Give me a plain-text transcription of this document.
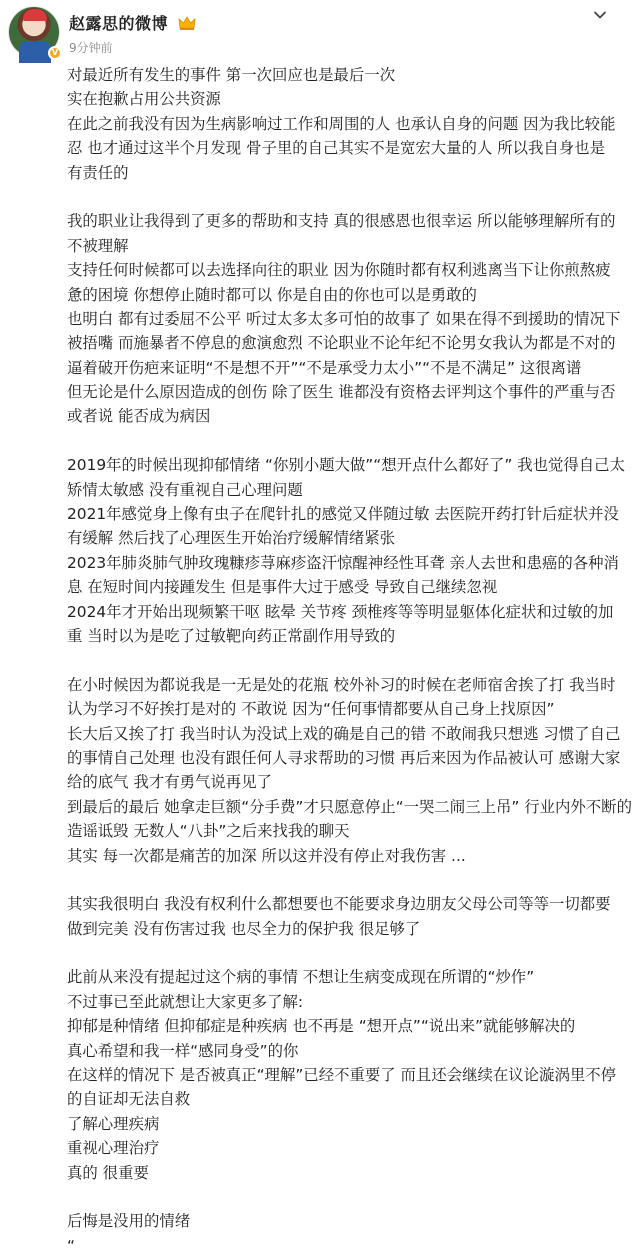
V
赵露思的微博
9分钟前
对最近所有发生的事件 第一次回应也是最后一次
实在抱歉占用公共资源
在此之前我没有因为生病影响过工作和周围的人 也承认自身的问题 因为我比较能
忍 也才通过这半个月发现 骨子里的自己其实不是宽宏大量的人 所以我自身也是
有责任的
我的职业让我得到了更多的帮助和支持 真的很感恩也很幸运 所以能够理解所有的
不被理解
支持任何时候都可以去选择向往的职业 因为你随时都有权利逃离当下让你煎熬疲
惫的困境 你想停止随时都可以 你是自由的你也可以是勇敢的
也明白 都有过委屈不公平 听过太多太多可怕的故事了 如果在得不到援助的情况下
被捂嘴 而施暴者不停息的愈演愈烈 不论职业不论年纪不论男女我认为都是不对的
逼着破开伤疤来证明“不是想不开”“不是承受力太小”“不是不满足” 这很离谱
但无论是什么原因造成的创伤 除了医生 谁都没有资格去评判这个事件的严重与否
或者说 能否成为病因
2019年的时候出现抑郁情绪 “你别小题大做”“想开点什么都好了” 我也觉得自己太
矫情太敏感 没有重视自己心理问题
2021年感觉身上像有虫子在爬针扎的感觉又伴随过敏 去医院开药打针后症状并没
有缓解 然后找了心理医生开始治疗缓解情绪紧张
2023年肺炎肺气肿玫瑰糠疹荨麻疹盗汗惊醒神经性耳聋 亲人去世和患癌的各种消
息 在短时间内接踵发生 但是事件大过于感受 导致自己继续忽视
2024年才开始出现频繁干呕 眩晕 关节疼 颈椎疼等等明显躯体化症状和过敏的加
重 当时以为是吃了过敏靶向药正常副作用导致的
在小时候因为都说我是一无是处的花瓶 校外补习的时候在老师宿舍挨了打 我当时
认为学习不好挨打是对的 不敢说 因为“任何事情都要从自己身上找原因”
长大后又挨了打 我当时认为没试上戏的确是自己的错 不敢闹我只想逃 习惯了自己
的事情自己处理 也没有跟任何人寻求帮助的习惯 再后来因为作品被认可 感谢大家
给的底气 我才有勇气说再见了
到最后的最后 她拿走巨额“分手费”才只愿意停止“一哭二闹三上吊” 行业内外不断的
造谣诋毁 无数人“八卦”之后来找我的聊天
其实 每一次都是痛苦的加深 所以这并没有停止对我伤害 ...
其实我很明白 我没有权利什么都想要也不能要求身边朋友父母公司等等一切都要
做到完美 没有伤害过我 也尽全力的保护我 很足够了
此前从来没有提起过这个病的事情 不想让生病变成现在所谓的“炒作”
不过事已至此就想让大家更多了解:
抑郁是种情绪 但抑郁症是种疾病 也不再是 “想开点”“说出来”就能够解决的
真心希望和我一样“感同身受”的你
在这样的情况下 是否被真正“理解”已经不重要了 而且还会继续在议论漩涡里不停
的自证却无法自救
了解心理疾病
重视心理治疗
真的 很重要
后悔是没用的情绪
“
